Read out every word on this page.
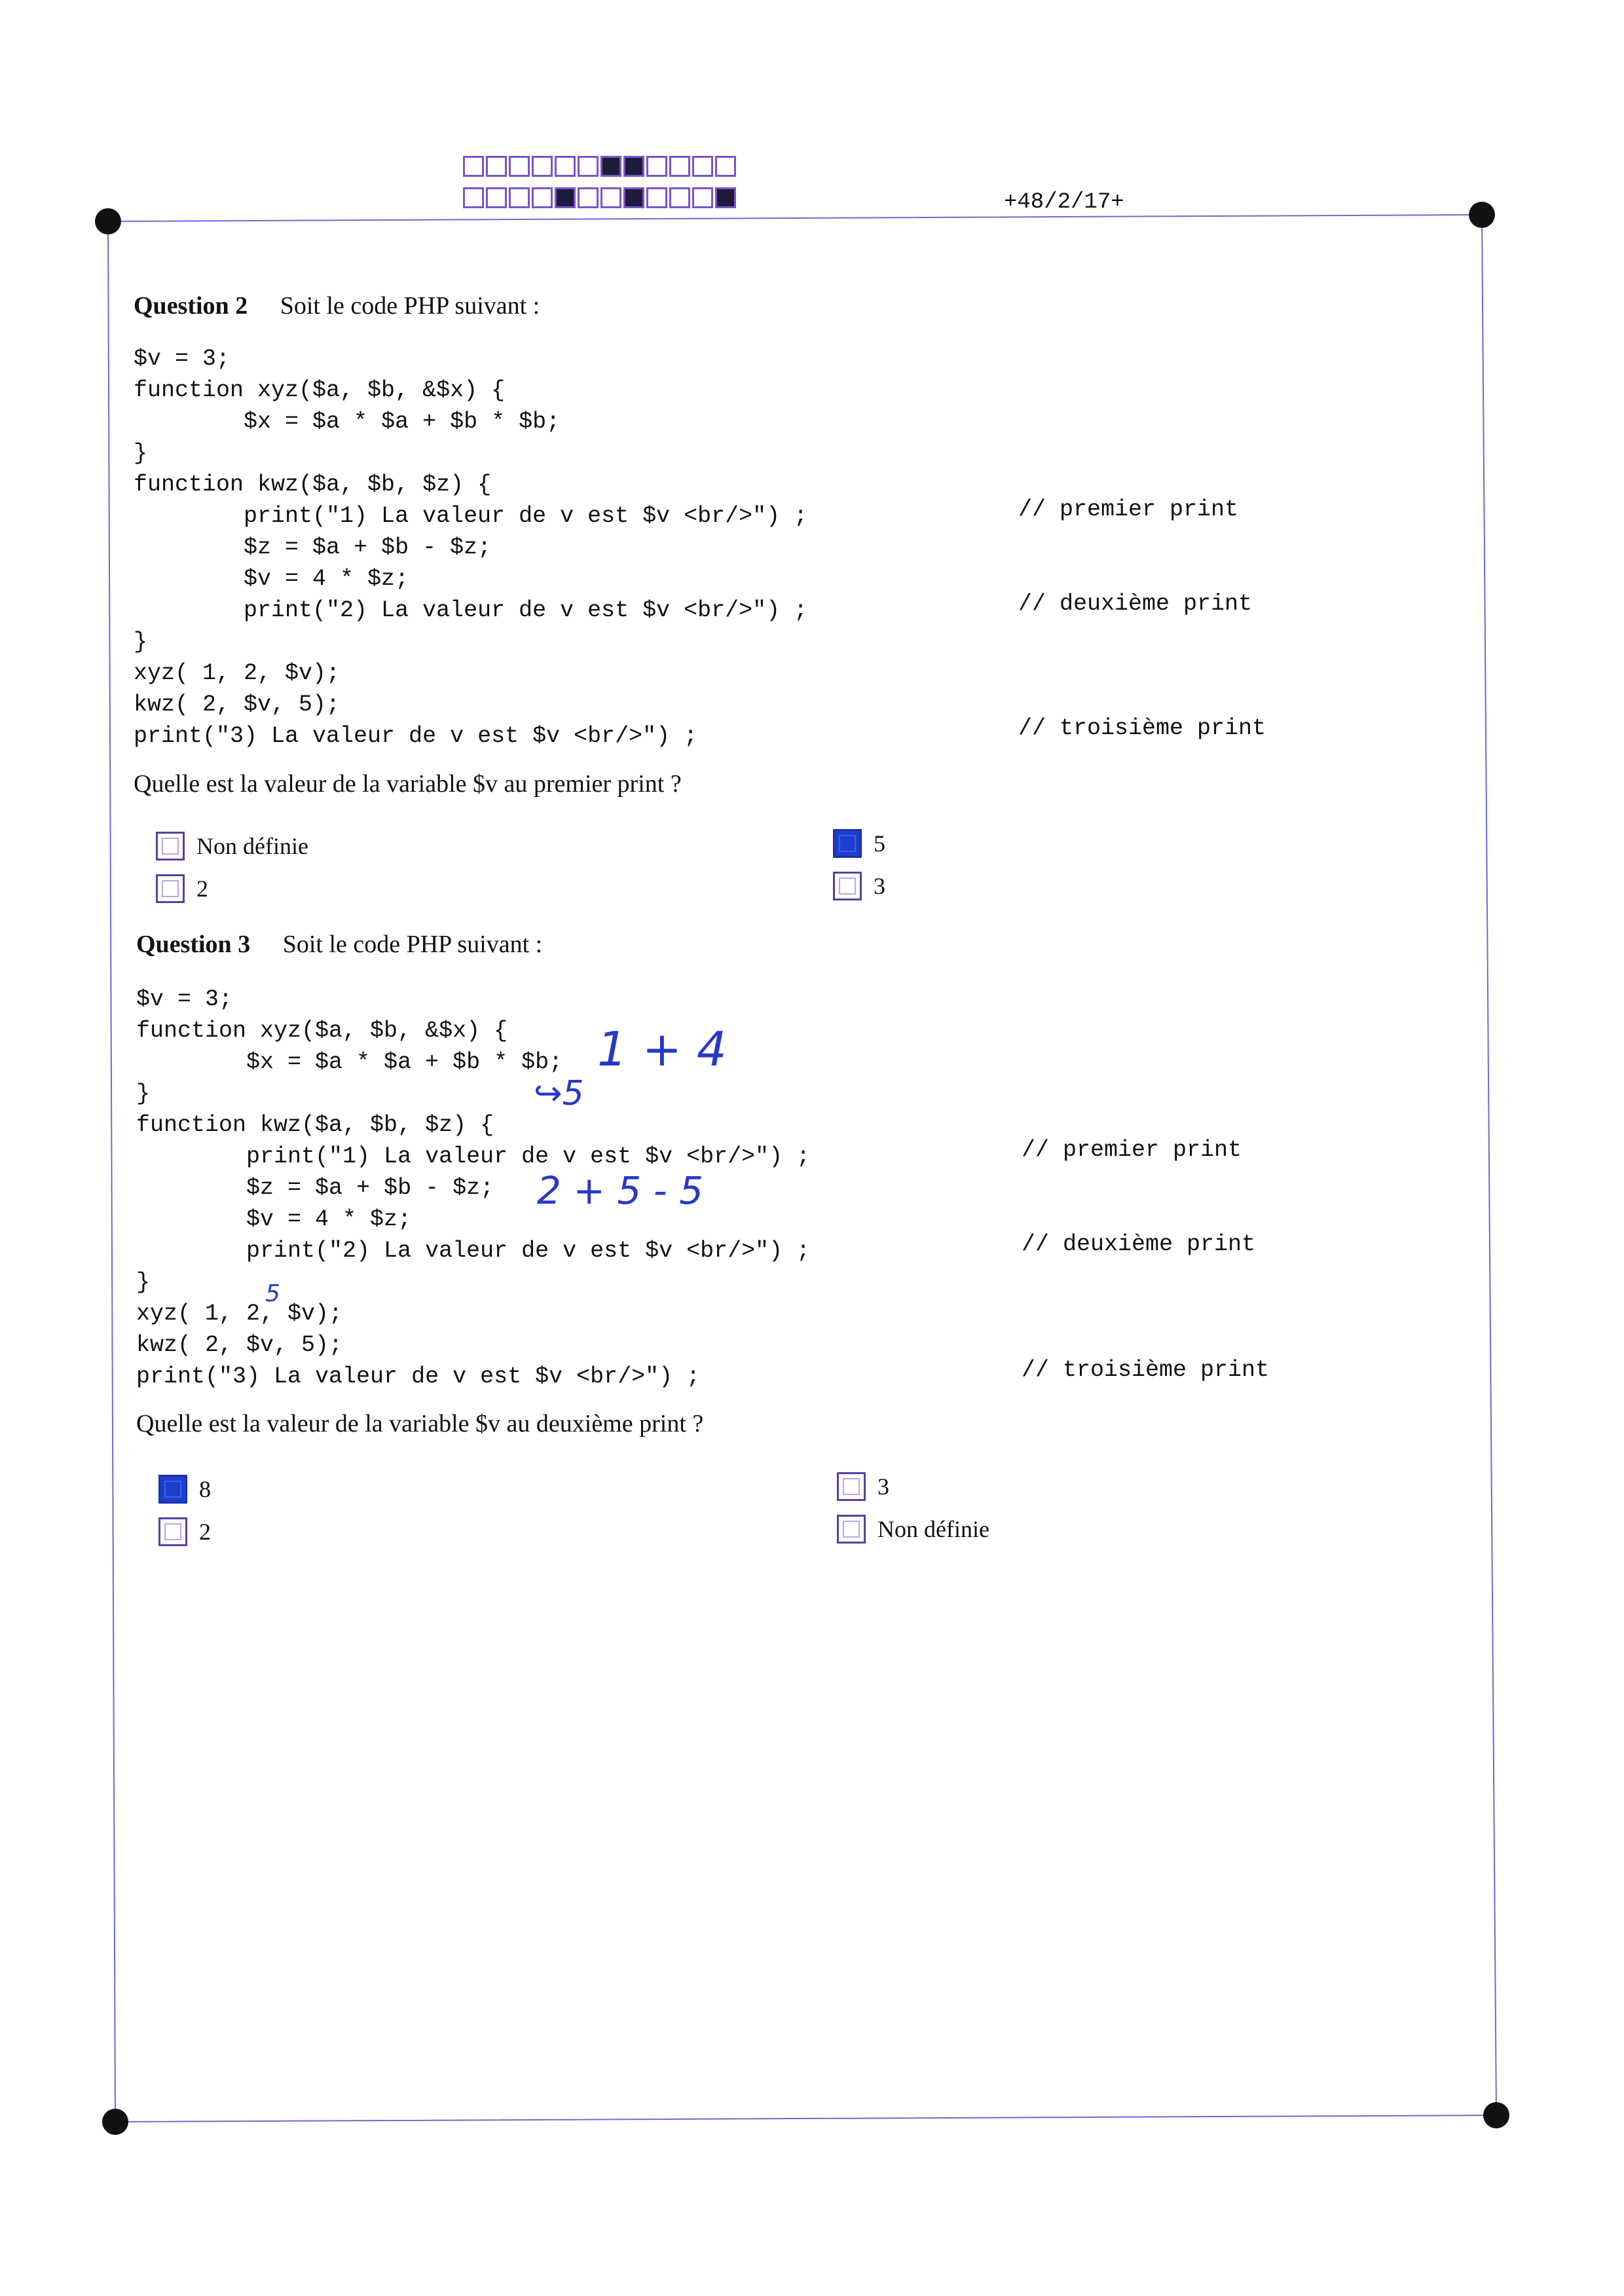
+48/2/17+
Question 2 Soit le code PHP suivant :
$v = 3;
function xyz($a, $b, &$x) {
$x = $a * $a + $b * $b;
}
function kwz($a, $b, $z) {
print("1) La valeur de v est $v <br/>") ;
$z = $a + $b - $z;
$v = 4 * $z;
print("2) La valeur de v est $v <br/>") ;
}
xyz( 1, 2, $v);
kwz( 2, $v, 5);
print("3) La valeur de v est $v <br/>") ;
// premier print
// deuxième print
// troisième print
Quelle est la valeur de la variable $v au premier print ?
Non définie
2
5
3
Question 3 Soit le code PHP suivant :
$v = 3;
function xyz($a, $b, &$x) {
$x = $a * $a + $b * $b;
}
function kwz($a, $b, $z) {
print("1) La valeur de v est $v <br/>") ;
$z = $a + $b - $z;
$v = 4 * $z;
print("2) La valeur de v est $v <br/>") ;
}
xyz( 1, 2, $v);
kwz( 2, $v, 5);
print("3) La valeur de v est $v <br/>") ;
// premier print
// deuxième print
// troisième print
Quelle est la valeur de la variable $v au deuxième print ?
8
2
3
Non définie
1 + 4
↪5
2 + 5 - 5
5
